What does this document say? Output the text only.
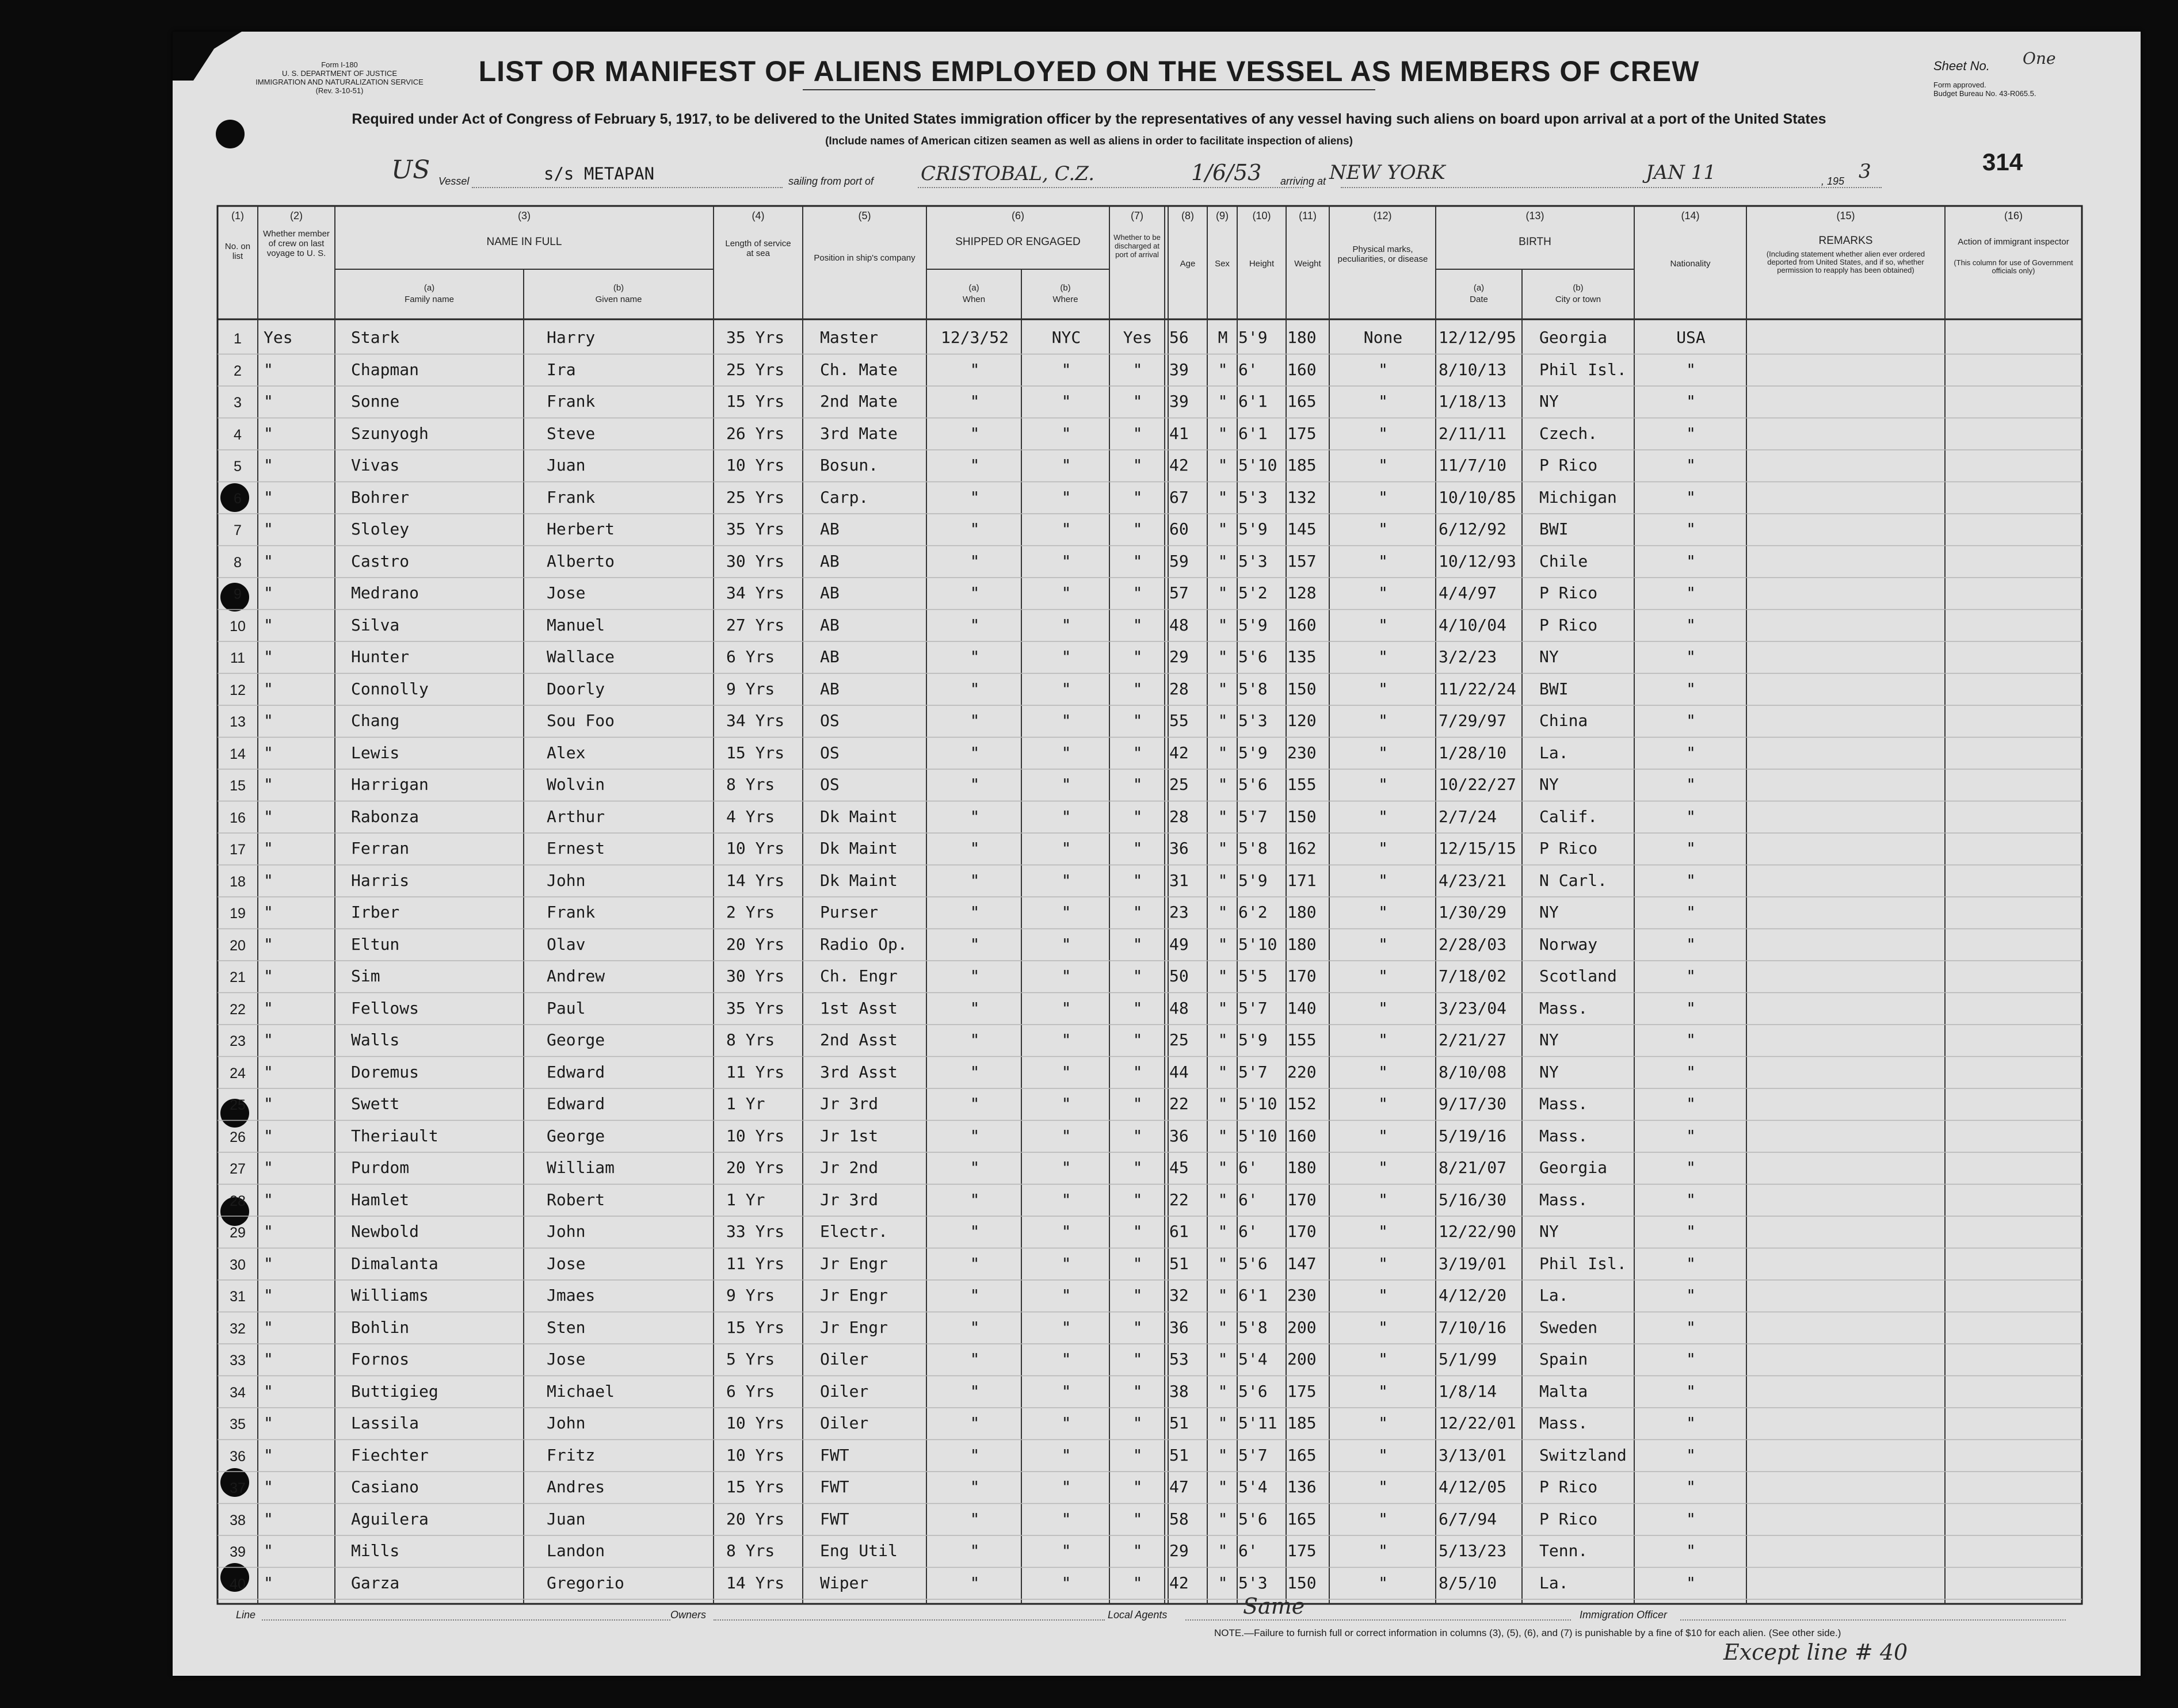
Form I-180
U. S. DEPARTMENT OF JUSTICE
IMMIGRATION AND NATURALIZATION SERVICE
(Rev. 3-10-51)
LIST OR MANIFEST OF ALIENS EMPLOYED ON THE VESSEL AS MEMBERS OF CREW
Required under Act of Congress of February 5, 1917, to be delivered to the United States immigration officer by the representatives of any vessel having such aliens on board upon arrival at a port of the United States
(Include names of American citizen seamen as well as aliens in order to facilitate inspection of aliens)
Sheet No. One
Form approved.
Budget Bureau No. 43-R065.5.
314
US Vessel	s/s METAPAN	sailing from port of CRISTOBAL, C.Z.	1/6/53 arriving at NEW YORK	JAN 11	, 195 3
(2)
Whether member of crew on last voyage to U. S.
(1)
No. on list
(3)
NAME IN FULL
(a)
Family name
(b)
Given name
(4)
Length of service at sea
(5)
Position in ship's company
(6)
SHIPPED OR ENGAGED
(a)
When
(b)
Where
(7)
Whether to be discharged at port of arrival
(8)
Age
(9)
Sex
(10)
Height
(11)
Weight
(12)
Physical marks, peculiarities, or disease
(13)
BIRTH
(a)
Date
(b)
City or town
(14)
Nationality
(15)
REMARKS
(Including statement whether alien ever ordered deported from United States, and if so, whether permission to reapply has been obtained)
(16)
Action of immigrant inspector
(This column for use of Government officials only)
1	Yes	Stark	Harry	35 Yrs Master	12/3/52	NYC	Yes	56	M 5'9 180	None	12/12/95 Georgia	USA
2	"	Chapman	Ira	25 Yrs Ch. Mate	"	"	"	39	" 6' 160	"	8/10/13 Phil Isl.	"
3	"	Sonne	Frank	15 Yrs 2nd Mate	"	"	"	39	" 6'1 165	"	1/18/13 NY	"
4	"	Szunyogh	Steve	26 Yrs 3rd Mate	"	"	"	41	" 6'1 175	"	2/11/11 Czech.	"
5	"	Vivas	Juan	10 Yrs Bosun.	"	"	"	42	" 5'10 185	"	11/7/10 P Rico	"
6	"	Bohrer	Frank	25 Yrs Carp.	"	"	"	67	" 5'3 132	"	10/10/85 Michigan	"
7	"	Sloley	Herbert	35 Yrs AB	"	"	"	60	" 5'9 145	"	6/12/92 BWI	"
8	"	Castro	Alberto	30 Yrs AB	"	"	"	59	" 5'3 157	"	10/12/93 Chile	"
9	"	Medrano	Jose	34 Yrs AB	"	"	"	57	" 5'2 128	"	4/4/97	P Rico	"
10	"	Silva	Manuel	27 Yrs AB	"	"	"	48	" 5'9 160	"	4/10/04 P Rico	"
11	"	Hunter	Wallace	6 Yrs	AB	"	"	"	29	" 5'6 135	"	3/2/23	NY	"
12	"	Connolly	Doorly	9 Yrs	AB	"	"	"	28	" 5'8 150	"	11/22/24 BWI	"
13	"	Chang	Sou Foo	34 Yrs OS	"	"	"	55	" 5'3 120	"	7/29/97 China	"
14	"	Lewis	Alex	15 Yrs OS	"	"	"	42	" 5'9 230	"	1/28/10 La.	"
15	"	Harrigan	Wolvin	8 Yrs	OS	"	"	"	25	" 5'6 155	"	10/22/27 NY	"
16	"	Rabonza	Arthur	4 Yrs	Dk Maint	"	"	"	28	" 5'7 150	"	2/7/24	Calif.	"
17	"	Ferran	Ernest	10 Yrs Dk Maint	"	"	"	36	" 5'8 162	"	12/15/15 P Rico	"
18	"	Harris	John	14 Yrs Dk Maint	"	"	"	31	" 5'9 171	"	4/23/21 N Carl.	"
19	"	Irber	Frank	2 Yrs	Purser	"	"	"	23	" 6'2 180	"	1/30/29 NY	"
20	"	Eltun	Olav	20 Yrs Radio Op.	"	"	"	49	" 5'10 180	"	2/28/03 Norway	"
21	"	Sim	Andrew	30 Yrs Ch. Engr	"	"	"	50	" 5'5 170	"	7/18/02 Scotland	"
22	"	Fellows	Paul	35 Yrs 1st Asst	"	"	"	48	" 5'7 140	"	3/23/04 Mass.	"
23	"	Walls	George	8 Yrs	2nd Asst	"	"	"	25	" 5'9 155	"	2/21/27 NY	"
24	"	Doremus	Edward	11 Yrs 3rd Asst	"	"	"	44	" 5'7 220	"	8/10/08 NY	"
25	"	Swett	Edward	1 Yr	Jr 3rd	"	"	"	22	" 5'10 152	"	9/17/30 Mass.	"
26	"	Theriault	George	10 Yrs Jr 1st	"	"	"	36	" 5'10 160	"	5/19/16 Mass.	"
27	"	Purdom	William	20 Yrs Jr 2nd	"	"	"	45	" 6' 180	"	8/21/07 Georgia	"
28	"	Hamlet	Robert	1 Yr	Jr 3rd	"	"	"	22	" 6' 170	"	5/16/30 Mass.	"
29	"	Newbold	John	33 Yrs Electr.	"	"	"	61	" 6' 170	"	12/22/90 NY	"
30	"	Dimalanta	Jose	11 Yrs Jr Engr	"	"	"	51	" 5'6 147	"	3/19/01 Phil Isl.	"
31	"	Williams	Jmaes	9 Yrs	Jr Engr	"	"	"	32	" 6'1 230	"	4/12/20 La.	"
32	"	Bohlin	Sten	15 Yrs Jr Engr	"	"	"	36	" 5'8 200	"	7/10/16 Sweden	"
33	"	Fornos	Jose	5 Yrs	Oiler	"	"	"	53	" 5'4 200	"	5/1/99	Spain	"
34	"	Buttigieg	Michael	6 Yrs	Oiler	"	"	"	38	" 5'6 175	"	1/8/14	Malta	"
35	"	Lassila	John	10 Yrs Oiler	"	"	"	51	" 5'11 185	"	12/22/01 Mass.	"
36	"	Fiechter	Fritz	10 Yrs FWT	"	"	"	51	" 5'7 165	"	3/13/01 Switzland	"
37	"	Casiano	Andres	15 Yrs FWT	"	"	"	47	" 5'4 136	"	4/12/05 P Rico	"
38	"	Aguilera	Juan	20 Yrs FWT	"	"	"	58	" 5'6 165	"	6/7/94	P Rico	"
39	"	Mills	Landon	8 Yrs	Eng Util	"	"	"	29	" 6' 175	"	5/13/23 Tenn.	"
40	"	Garza	Gregorio	14 Yrs Wiper	"	"	"	42	" 5'3 150	"	8/5/10	La.	"
Line	Owners	Local Agents	Same	Immigration Officer
NOTE.—Failure to furnish full or correct information in columns (3), (5), (6), and (7) is punishable by a fine of $10 for each alien. (See other side.)
Except line # 40
